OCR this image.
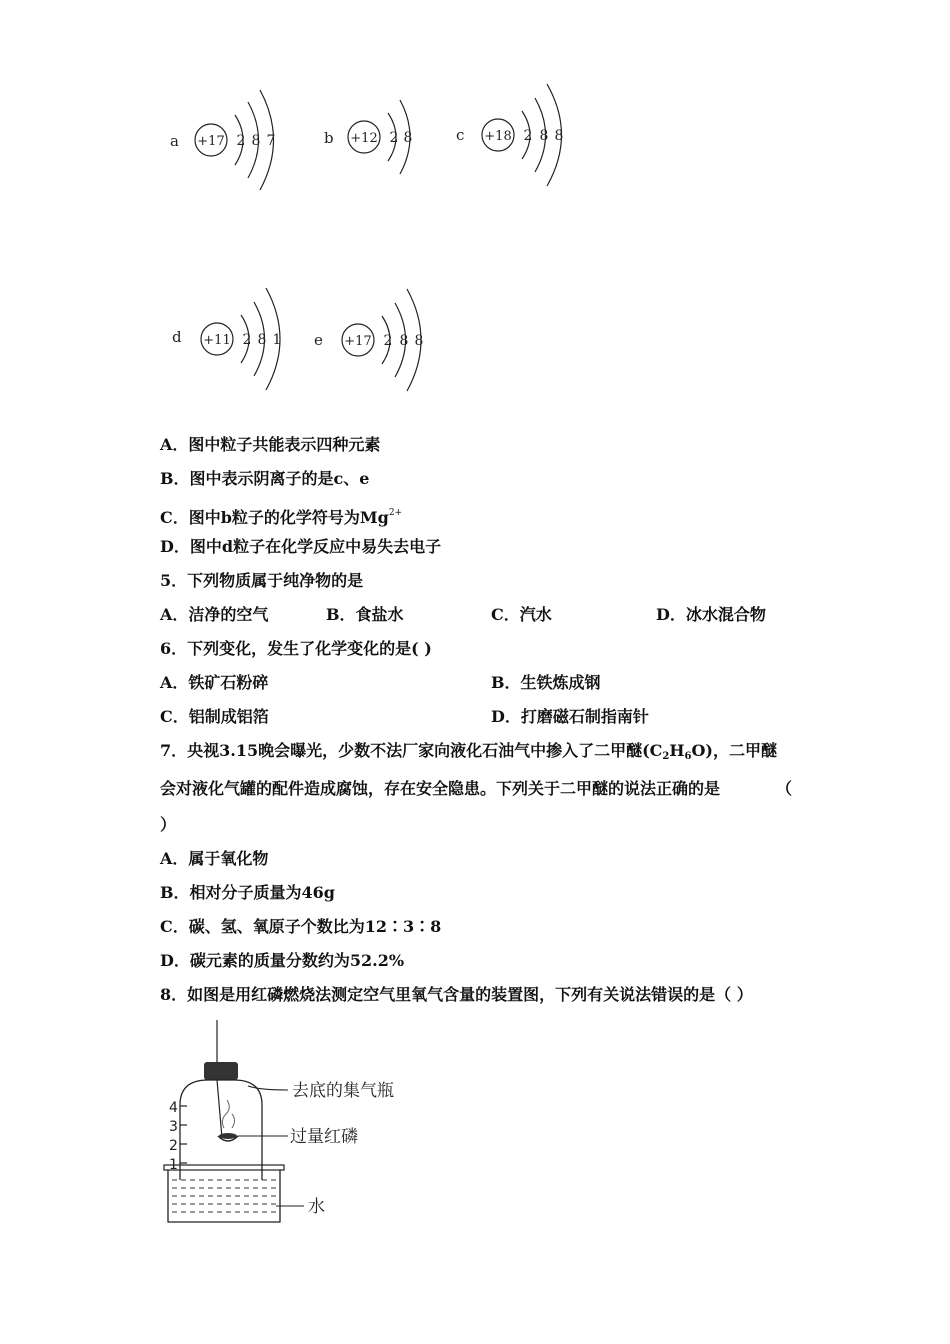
a +17 2 8 7	b +12 2 8	c +18 2 8 8
d +11 2 8 1 e +17 2 8 8
A．图中粒子共能表示四种元素
B．图中表示阴离子的是c、e
C．图中b粒子的化学符号为$Mg^{2+}$
D．图中d粒子在化学反应中易失去电子
5．下列物质属于纯净物的是
A．洁净的空气	B．食盐水	C．汽水	D．冰水混合物
6．下列变化，发生了化学变化的是( )
A．铁矿石粉碎	B．生铁炼成钢
C．铝制成铝箔	D．打磨磁石制指南针
7．央视3.15晚会曝光，少数不法厂家向液化石油气中掺入了二甲醚$(C_2H_6O)$，二甲醚
会对液化气罐的配件造成腐蚀，存在安全隐患。下列关于二甲醚的说法正确的是	（
）
A．属于氧化物
B．相对分子质量为46g
C．碳、氢、氧原子个数比为12∶3∶8
D．碳元素的质量分数约为52.2%
8．如图是用红磷燃烧法测定空气里氧气含量的装置图，下列有关说法错误的是（ ）
4
3
2
1
去底的集气瓶
过量红磷
水
